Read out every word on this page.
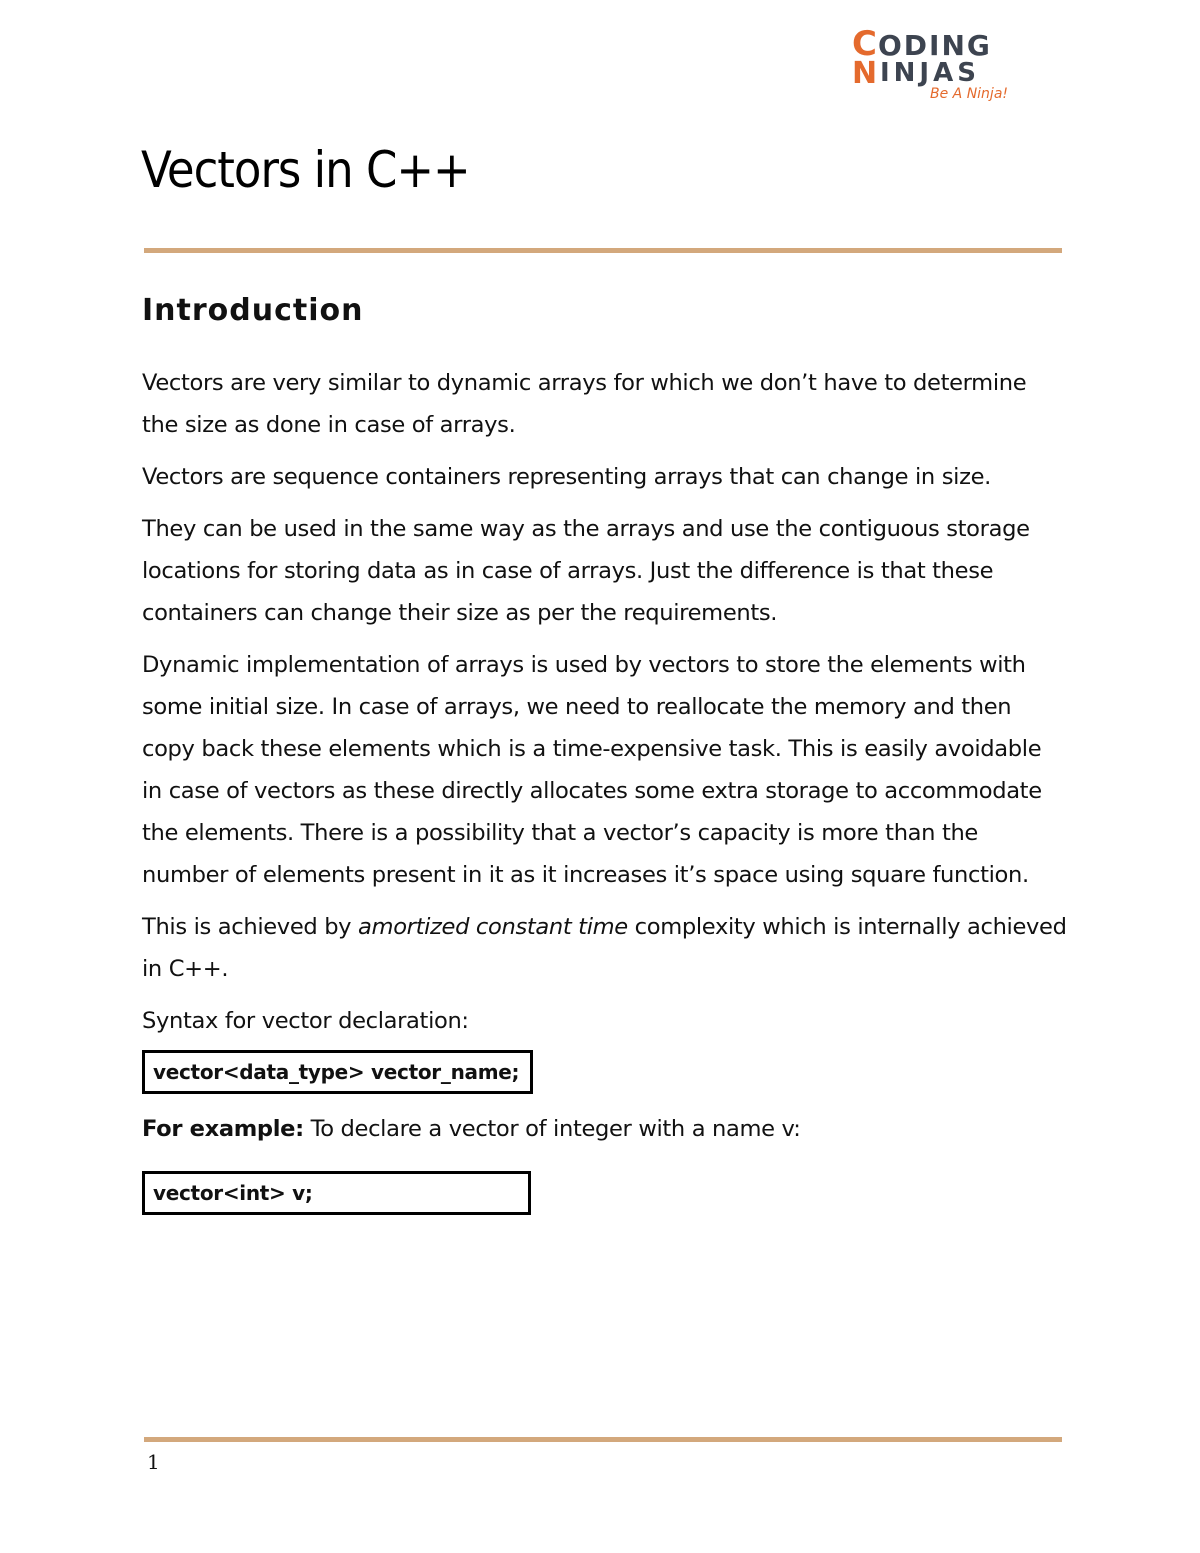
C ODING
N INJAS
Be A Ninja!
Vectors in C++
Introduction

Vectors are very similar to dynamic arrays for which we don’t have to determine the size as done in case of arrays.

Vectors are sequence containers representing arrays that can change in size.

They can be used in the same way as the arrays and use the contiguous storage locations for storing data as in case of arrays. Just the difference is that these containers can change their size as per the requirements.

Dynamic implementation of arrays is used by vectors to store the elements with some initial size. In case of arrays, we need to reallocate the memory and then copy back these elements which is a time-expensive task. This is easily avoidable in case of vectors as these directly allocates some extra storage to accommodate the elements. There is a possibility that a vector’s capacity is more than the number of elements present in it as it increases it’s space using square function.

This is achieved by amortized constant time complexity which is internally achieved in C++.

Syntax for vector declaration:

vector<data_type> vector_name;

For example: To declare a vector of integer with a name v:

vector<int> v;
1
